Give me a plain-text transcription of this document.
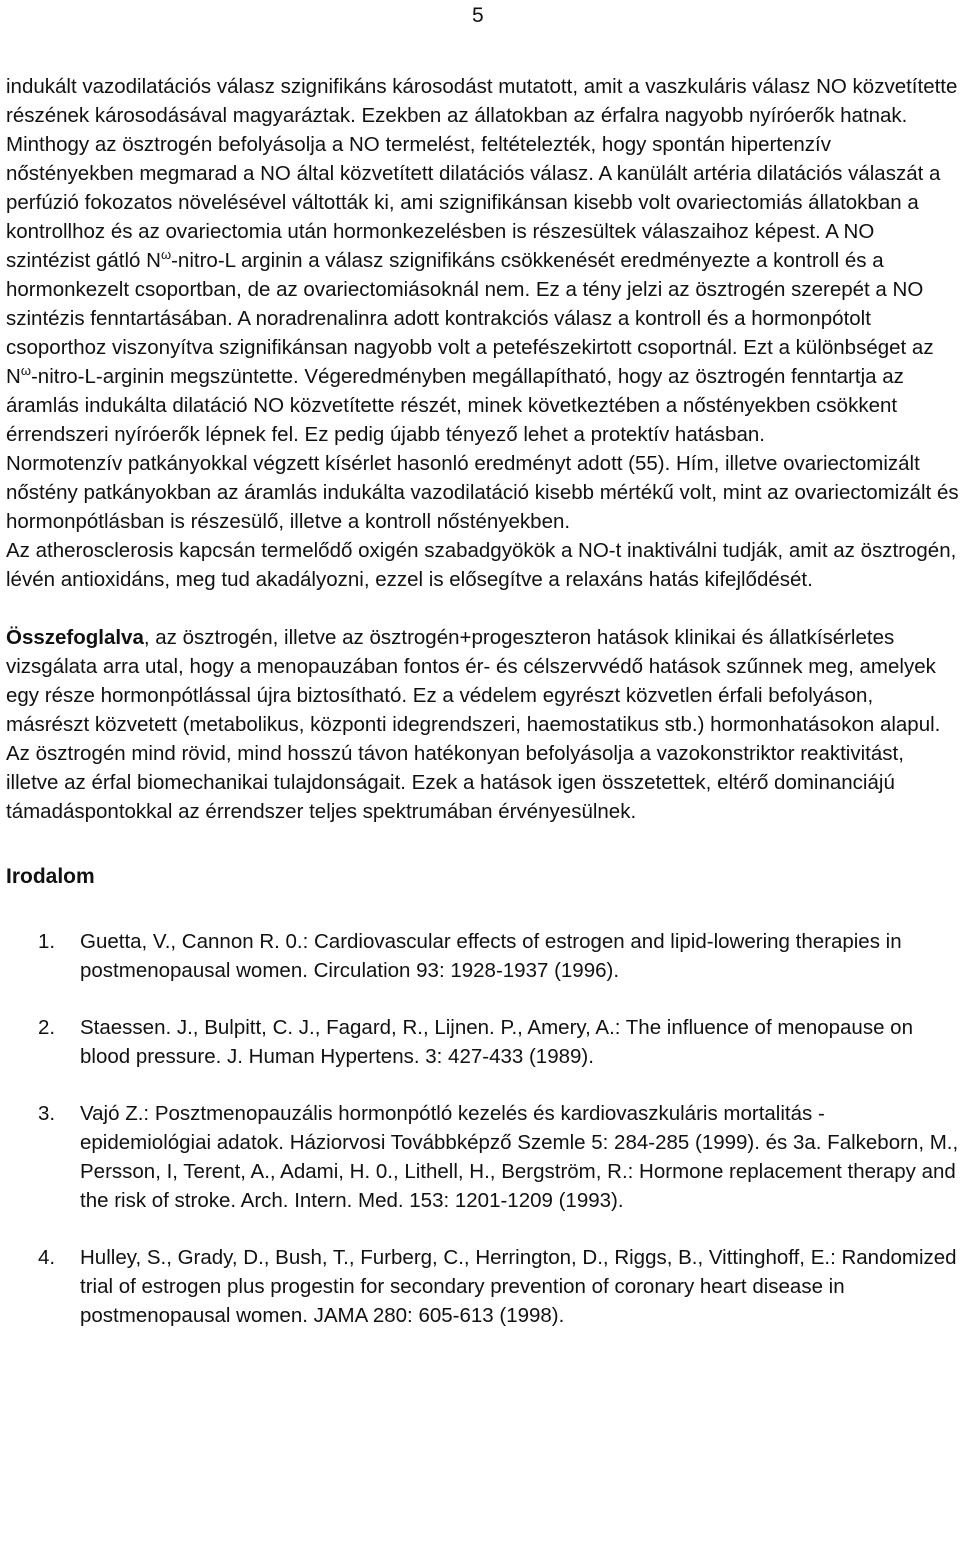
5

indukált vazodilatációs válasz szignifikáns károsodást mutatott, amit a vaszkuláris válasz NO közvetítette részének károsodásával magyaráztak. Ezekben az állatokban az érfalra nagyobb nyíróerők hatnak. Minthogy az ösztrogén befolyásolja a NO termelést, feltételezték, hogy spontán hipertenzív nőstényekben megmarad a NO által közvetített dilatációs válasz. A kanülált artéria dilatációs válaszát a perfúzió fokozatos növelésével váltották ki, ami szignifikánsan kisebb volt ovariectomiás állatokban a kontrollhoz és az ovariectomia után hormonkezelésben is részesültek válaszaihoz képest. A NO szintézist gátló $N^\omega-nitro-L$ arginin a válasz szignifikáns csökkenését eredményezte a kontroll és a hormonkezelt csoportban, de az ovariectomiásoknál nem. Ez a tény jelzi az ösztrogén szerepét a NO szintézis fenntartásában. A noradrenalinra adott kontrakciós válasz a kontroll és a hormonpótolt csoporthoz viszonyítva szignifikánsan nagyobb volt a petefészekirtott csoportnál. Ezt a különbséget az $N^\omega-nitro-L$-arginin megszüntette. Végeredményben megállapítható, hogy az ösztrogén fenntartja az áramlás indukálta dilatáció NO közvetítette részét, minek következtében a nőstényekben csökkent érrendszeri nyíróerők lépnek fel. Ez pedig újabb tényező lehet a protektív hatásban.

Normotenzív patkányokkal végzett kísérlet hasonló eredményt adott (55). Hím, illetve ovariectomizált nőstény patkányokban az áramlás indukálta vazodilatáció kisebb mértékű volt, mint az ovariectomizált és hormonpótlásban is részesülő, illetve a kontroll nőstényekben.

Az atherosclerosis kapcsán termelődő oxigén szabadgyökök a NO-t inaktiválni tudják, amit az ösztrogén, lévén antioxidáns, meg tud akadályozni, ezzel is elősegítve a relaxáns hatás kifejlődését.

Összefoglalva, az ösztrogén, illetve az ösztrogén+progeszteron hatások klinikai és állatkísérletes vizsgálata arra utal, hogy a menopauzában fontos ér- és célszervvédő hatások szűnnek meg, amelyek egy része hormonpótlással újra biztosítható. Ez a védelem egyrészt közvetlen érfali befolyáson, másrészt közvetett (metabolikus, központi idegrendszeri, haemostatikus stb.) hormonhatásokon alapul. Az ösztrogén mind rövid, mind hosszú távon hatékonyan befolyásolja a vazokonstriktor reaktivitást, illetve az érfal biomechanikai tulajdonságait. Ezek a hatások igen összetettek, eltérő dominanciájú támadáspontokkal az érrendszer teljes spektrumában érvényesülnek.

Irodalom
1. Guetta, V., Cannon R. 0.: Cardiovascular effects of estrogen and lipid-lowering therapies in postmenopausal women. Circulation 93: 1928-1937 (1996).
2. Staessen. J., Bulpitt, C. J., Fagard, R., Lijnen. P., Amery, A.: The influence of menopause on blood pressure. J. Human Hypertens. 3: 427-433 (1989).
3. Vajó Z.: Posztmenopauzális hormonpótló kezelés és kardiovaszkuláris mortalitás - epidemiológiai adatok. Háziorvosi Továbbképző Szemle 5: 284-285 (1999). és 3a. Falkeborn, M., Persson, I, Terent, A., Adami, H. 0., Lithell, H., Bergström, R.: Hormone replacement therapy and the risk of stroke. Arch. Intern. Med. 153: 1201-1209 (1993).
4. Hulley, S., Grady, D., Bush, T., Furberg, C., Herrington, D., Riggs, B., Vittinghoff, E.: Randomized trial of estrogen plus progestin for secondary prevention of coronary heart disease in postmenopausal women. JAMA 280: 605-613 (1998).
